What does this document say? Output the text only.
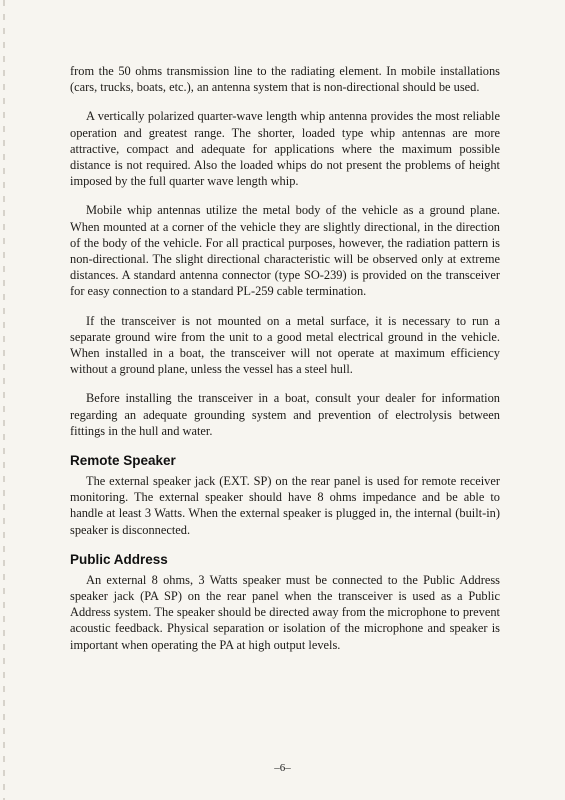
from the 50 ohms transmission line to the radiating element. In mobile installations (cars, trucks, boats, etc.), an antenna system that is non-directional should be used.

A vertically polarized quarter-wave length whip antenna provides the most reliable operation and greatest range. The shorter, loaded type whip antennas are more attractive, compact and adequate for applications where the maximum possible distance is not required. Also the loaded whips do not present the problems of height imposed by the full quarter wave length whip.

Mobile whip antennas utilize the metal body of the vehicle as a ground plane. When mounted at a corner of the vehicle they are slightly directional, in the direction of the body of the vehicle. For all practical purposes, however, the radiation pattern is non-directional. The slight directional characteristic will be observed only at extreme distances. A standard antenna connector (type SO-239) is provided on the transceiver for easy connection to a standard PL-259 cable termination.

If the transceiver is not mounted on a metal surface, it is necessary to run a separate ground wire from the unit to a good metal electrical ground in the vehicle. When installed in a boat, the transceiver will not operate at maximum efficiency without a ground plane, unless the vessel has a steel hull.

Before installing the transceiver in a boat, consult your dealer for information regarding an adequate grounding system and prevention of electrolysis between fittings in the hull and water.

Remote Speaker

The external speaker jack (EXT. SP) on the rear panel is used for remote receiver monitoring. The external speaker should have 8 ohms impedance and be able to handle at least 3 Watts. When the external speaker is plugged in, the internal (built-in) speaker is disconnected.

Public Address

An external 8 ohms, 3 Watts speaker must be connected to the Public Address speaker jack (PA SP) on the rear panel when the transceiver is used as a Public Address system. The speaker should be directed away from the microphone to prevent acoustic feedback. Physical separation or isolation of the microphone and speaker is important when operating the PA at high output levels.

–6–
